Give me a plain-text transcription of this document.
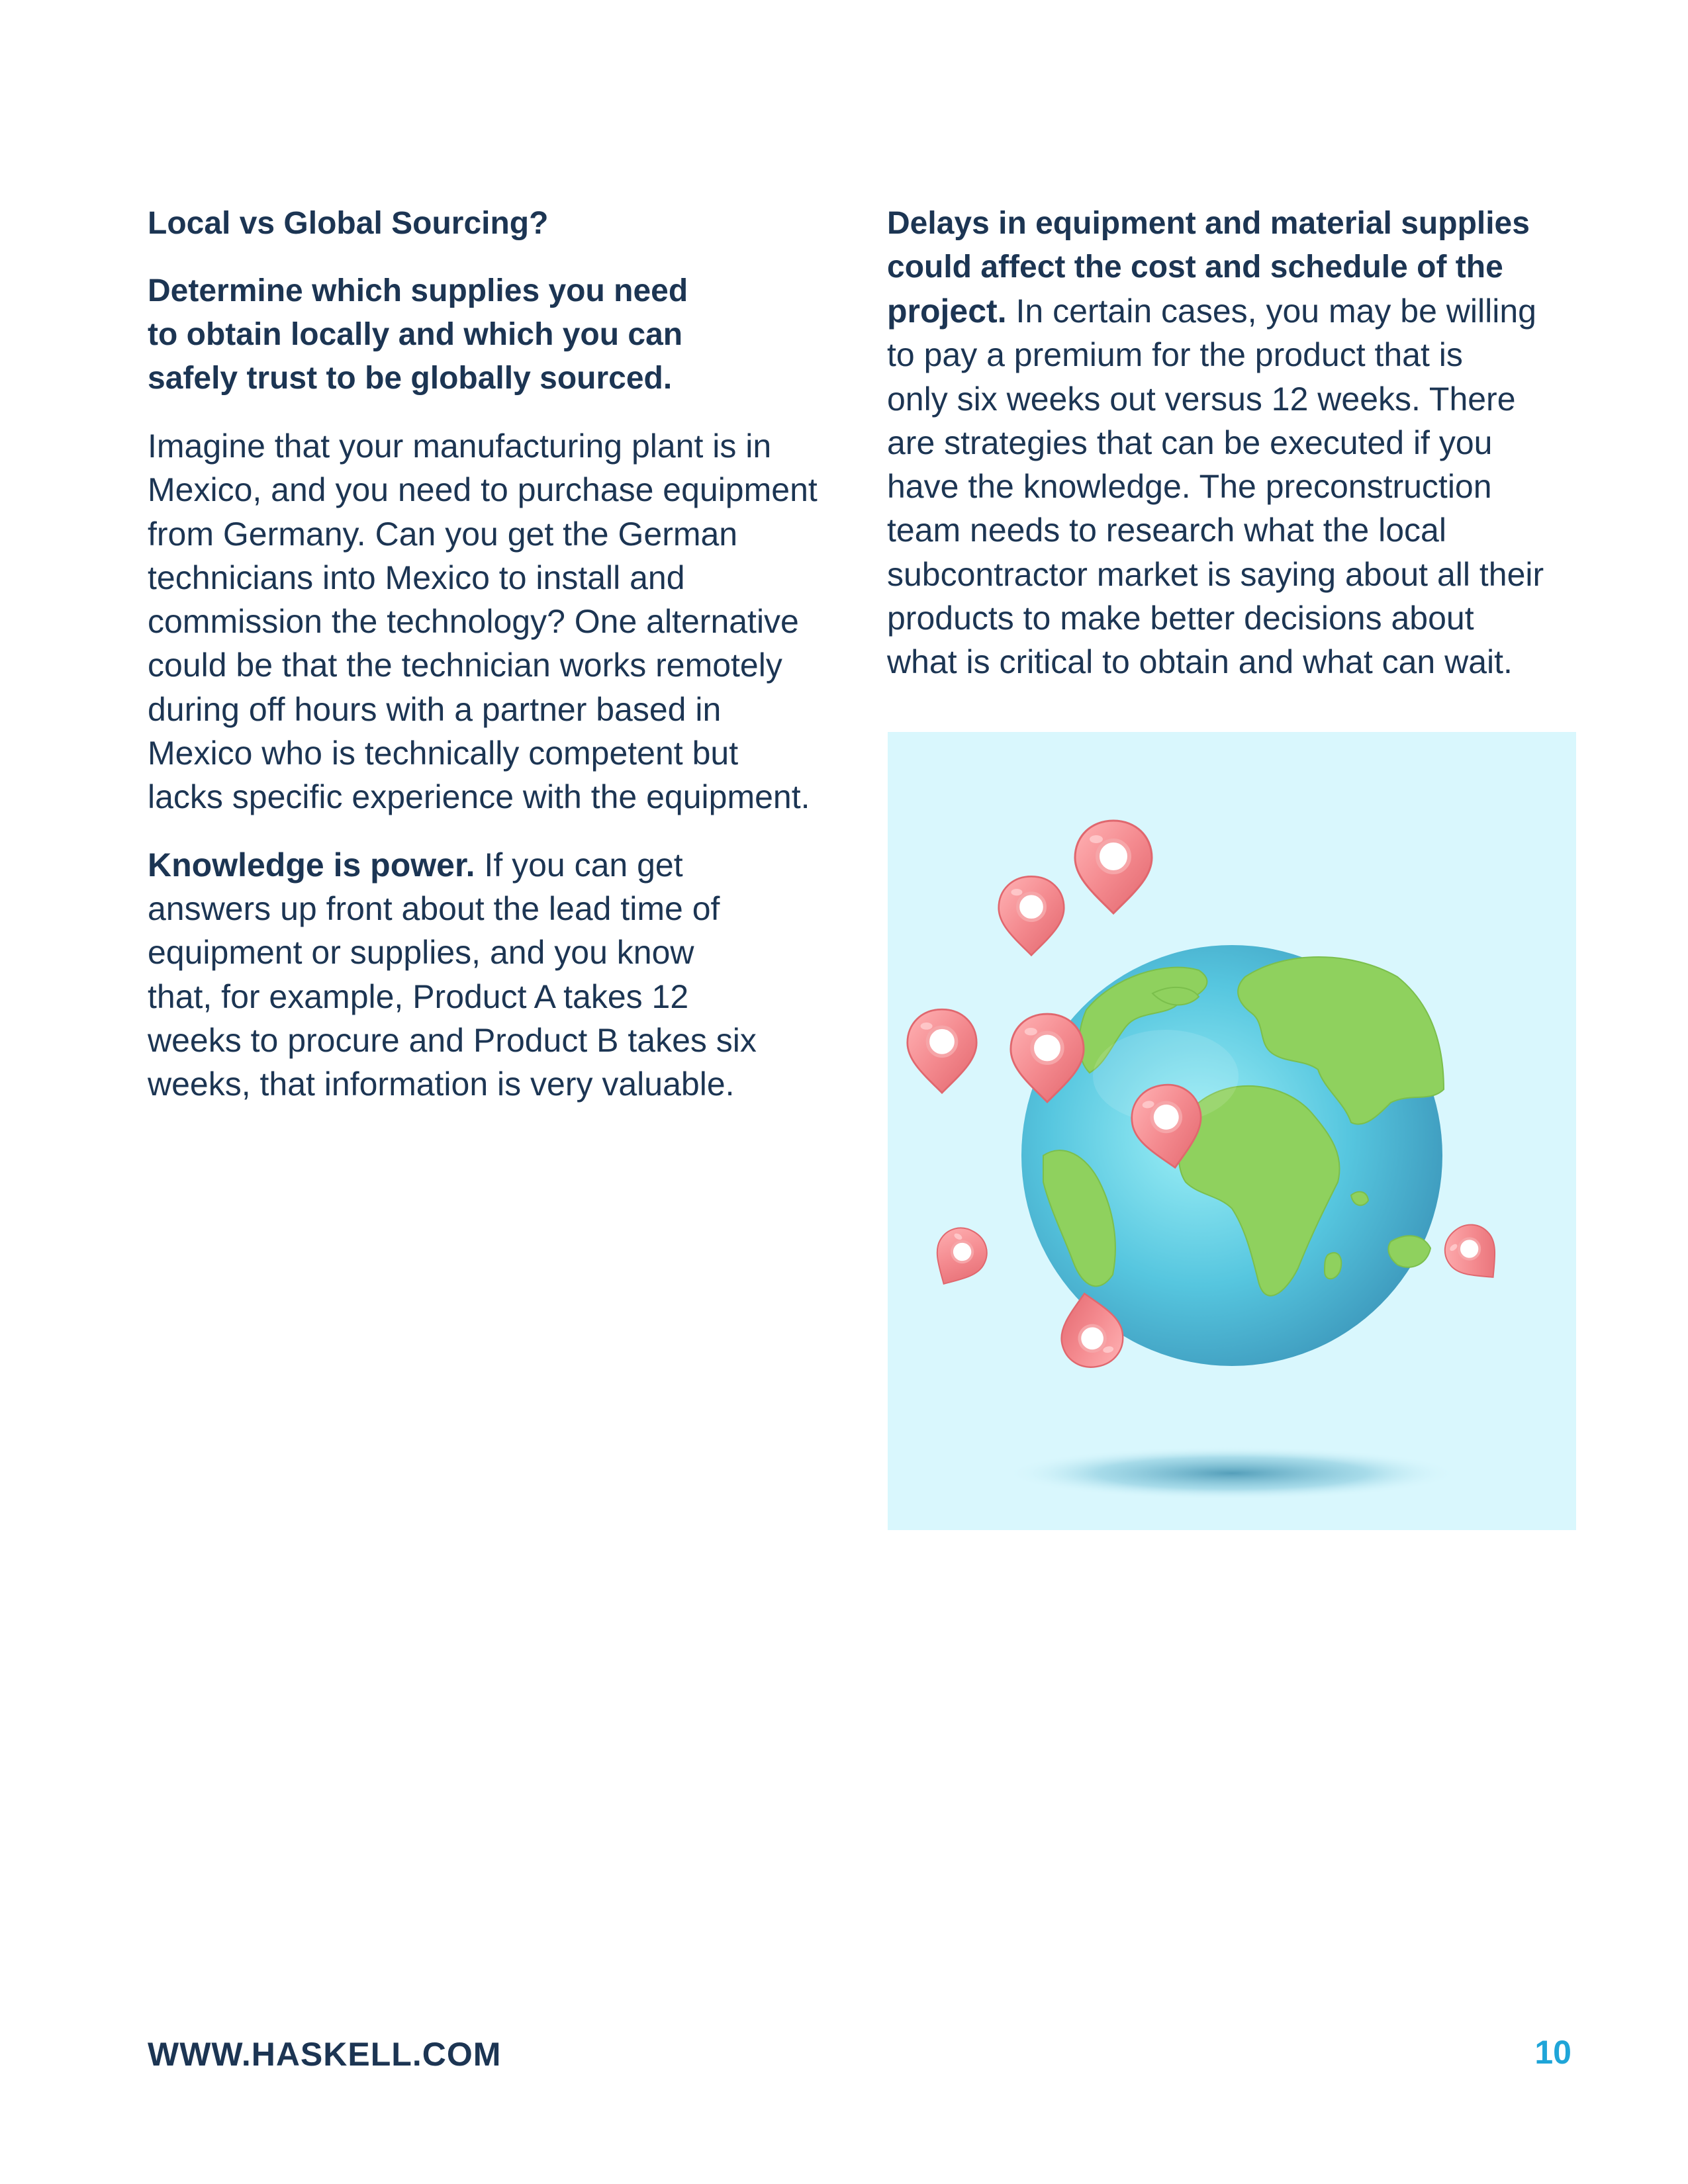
Local vs Global Sourcing?

Determine which supplies you need

to obtain locally and which you can

safely trust to be globally sourced.

Imagine that your manufacturing plant is in

Mexico, and you need to purchase equipment

from Germany. Can you get the German

technicians into Mexico to install and

commission the technology? One alternative

could be that the technician works remotely

during off hours with a partner based in

Mexico who is technically competent but

lacks specific experience with the equipment.

Knowledge is power. If you can get

answers up front about the lead time of

equipment or supplies, and you know

that, for example, Product A takes 12

weeks to procure and Product B takes six

weeks, that information is very valuable.

Delays in equipment and material supplies

could affect the cost and schedule of the

project. In certain cases, you may be willing

to pay a premium for the product that is

only six weeks out versus 12 weeks. There

are strategies that can be executed if you

have the knowledge. The preconstruction

team needs to research what the local

subcontractor market is saying about all their

products to make better decisions about

what is critical to obtain and what can wait.

WWW.HASKELL.COM	10
